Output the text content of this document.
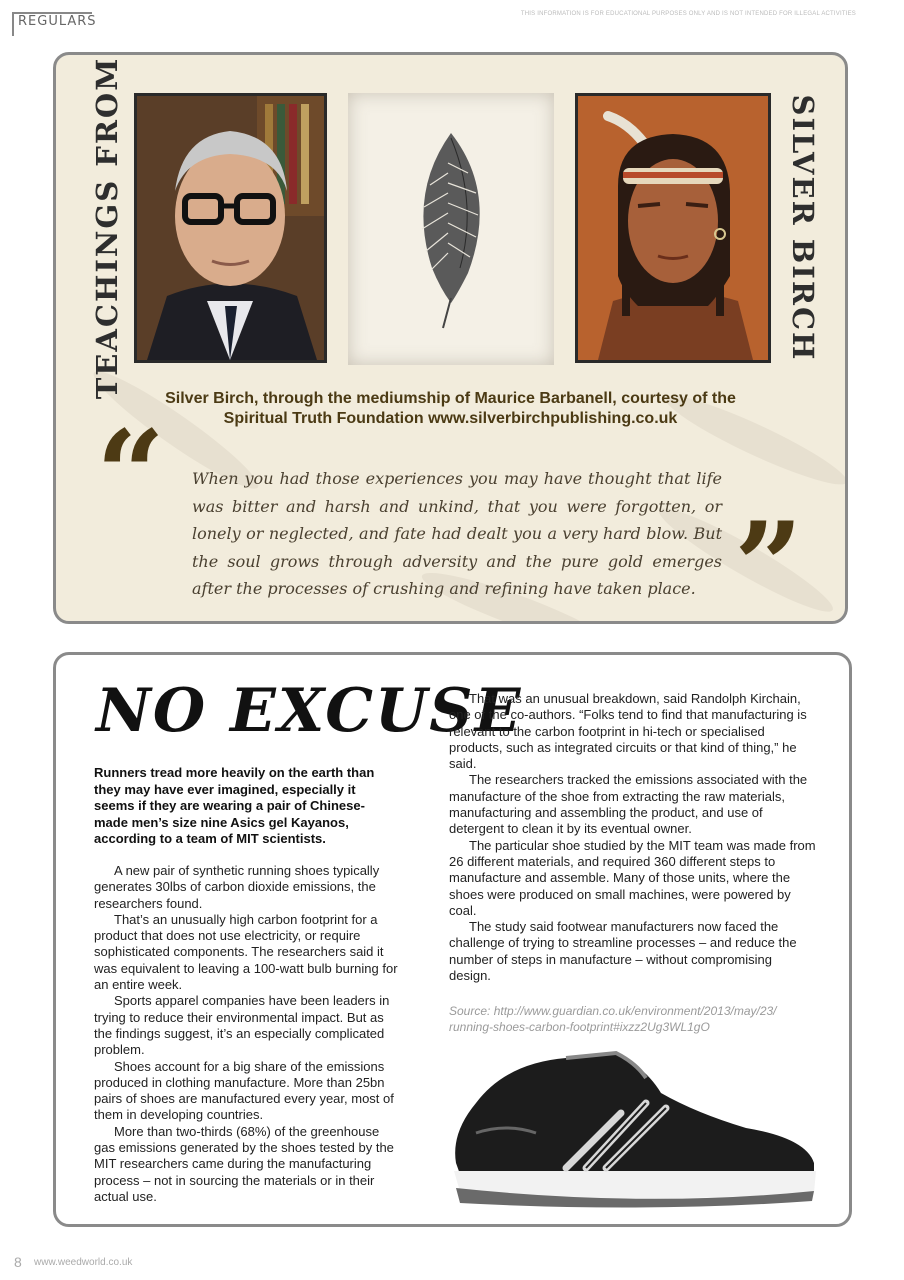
REGULARS	THIS INFORMATION IS FOR EDUCATIONAL PURPOSES ONLY AND IS NOT INTENDED FOR ILLEGAL ACTIVITIES
TEACHINGS FROM	SILVER BIRCH
Silver Birch, through the mediumship of Maurice Barbanell, courtesy of the
Spiritual Truth Foundation www.silverbirchpublishing.co.uk
“ When you had those experiences you may have thought that life was bitter and harsh and unkind, that you were forgotten, or lonely or neglected, and fate had dealt you a very hard blow. But the soul grows through adversity and the pure gold emerges after the processes of crushing and refining have taken place. ”
NO EXCUSE
Runners tread more heavily on the earth than they may have ever imagined, especially it seems if they are wearing a pair of Chinese-made men’s size nine Asics gel Kayanos, according to a team of MIT scientists.

A new pair of synthetic running shoes typically generates 30lbs of carbon dioxide emissions, the researchers found.

That’s an unusually high carbon footprint for a product that does not use electricity, or require sophisticated components. The researchers said it was equivalent to leaving a 100-watt bulb burning for an entire week.

Sports apparel companies have been leaders in trying to reduce their environmental impact. But as the findings suggest, it’s an especially complicated problem.

Shoes account for a big share of the emissions produced in clothing manufacture. More than 25bn pairs of shoes are manufactured every year, most of them in developing countries.

More than two-thirds (68%) of the greenhouse gas emissions generated by the shoes tested by the MIT researchers came during the manufacturing process – not in sourcing the materials or in their actual use.

That was an unusual breakdown, said Randolph Kirchain, one of the co-authors. “Folks tend to find that manufacturing is relevant to the carbon footprint in hi-tech or specialised products, such as integrated circuits or that kind of thing,” he said.

The researchers tracked the emissions associated with the manufacture of the shoe from extracting the raw materials, manufacturing and assembling the product, and use of detergent to clean it by its eventual owner.

The particular shoe studied by the MIT team was made from 26 different materials, and required 360 different steps to manufacture and assemble. Many of those units, where the shoes were produced on small machines, were powered by coal.

The study said footwear manufacturers now faced the challenge of trying to streamline processes – and reduce the number of steps in manufacture – without compromising design.

Source: http://www.guardian.co.uk/environment/2013/may/23/
running-shoes-carbon-footprint#ixzz2Ug3WL1gO
8 www.weedworld.co.uk
